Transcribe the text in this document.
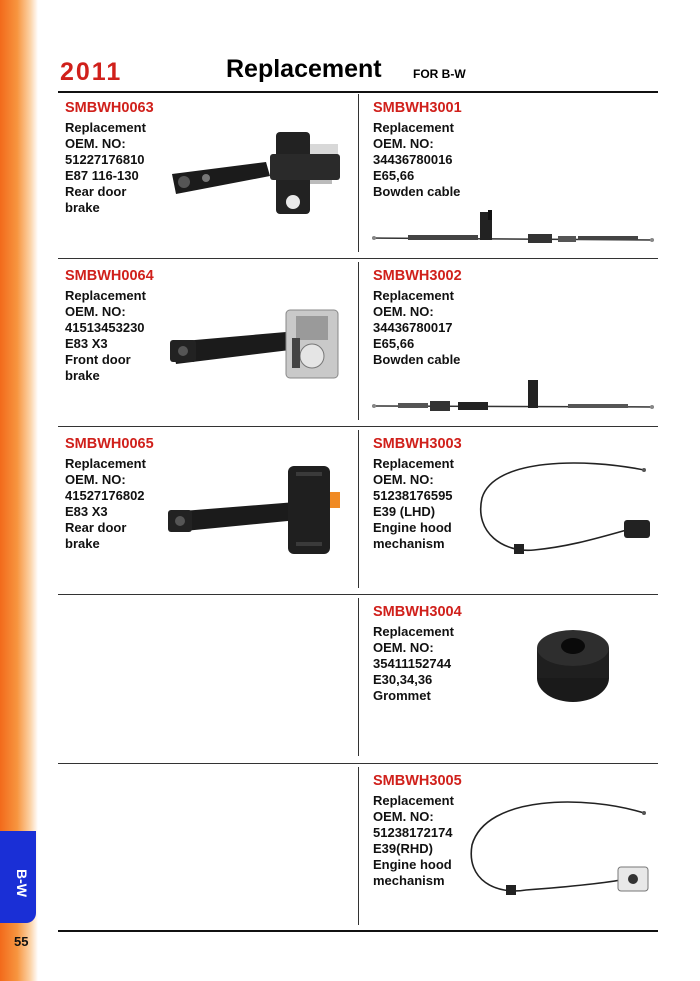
B-W
55
2011	Replacement	FOR B-W
SMBWH0063
Replacement
OEM. NO:
51227176810
E87 116-130
Rear door
brake
SMBWH3001
Replacement
OEM. NO:
34436780016
E65,66
Bowden cable
SMBWH0064
Replacement
OEM. NO:
41513453230
E83 X3
Front door
brake
SMBWH3002
Replacement
OEM. NO:
34436780017
E65,66
Bowden cable
SMBWH0065
Replacement
OEM. NO:
41527176802
E83 X3
Rear door
brake
SMBWH3003
Replacement
OEM. NO:
51238176595
E39 (LHD)
Engine hood
mechanism
SMBWH3004
Replacement
OEM. NO:
35411152744
E30,34,36
Grommet
SMBWH3005
Replacement
OEM. NO:
51238172174
E39(RHD)
Engine hood
mechanism
